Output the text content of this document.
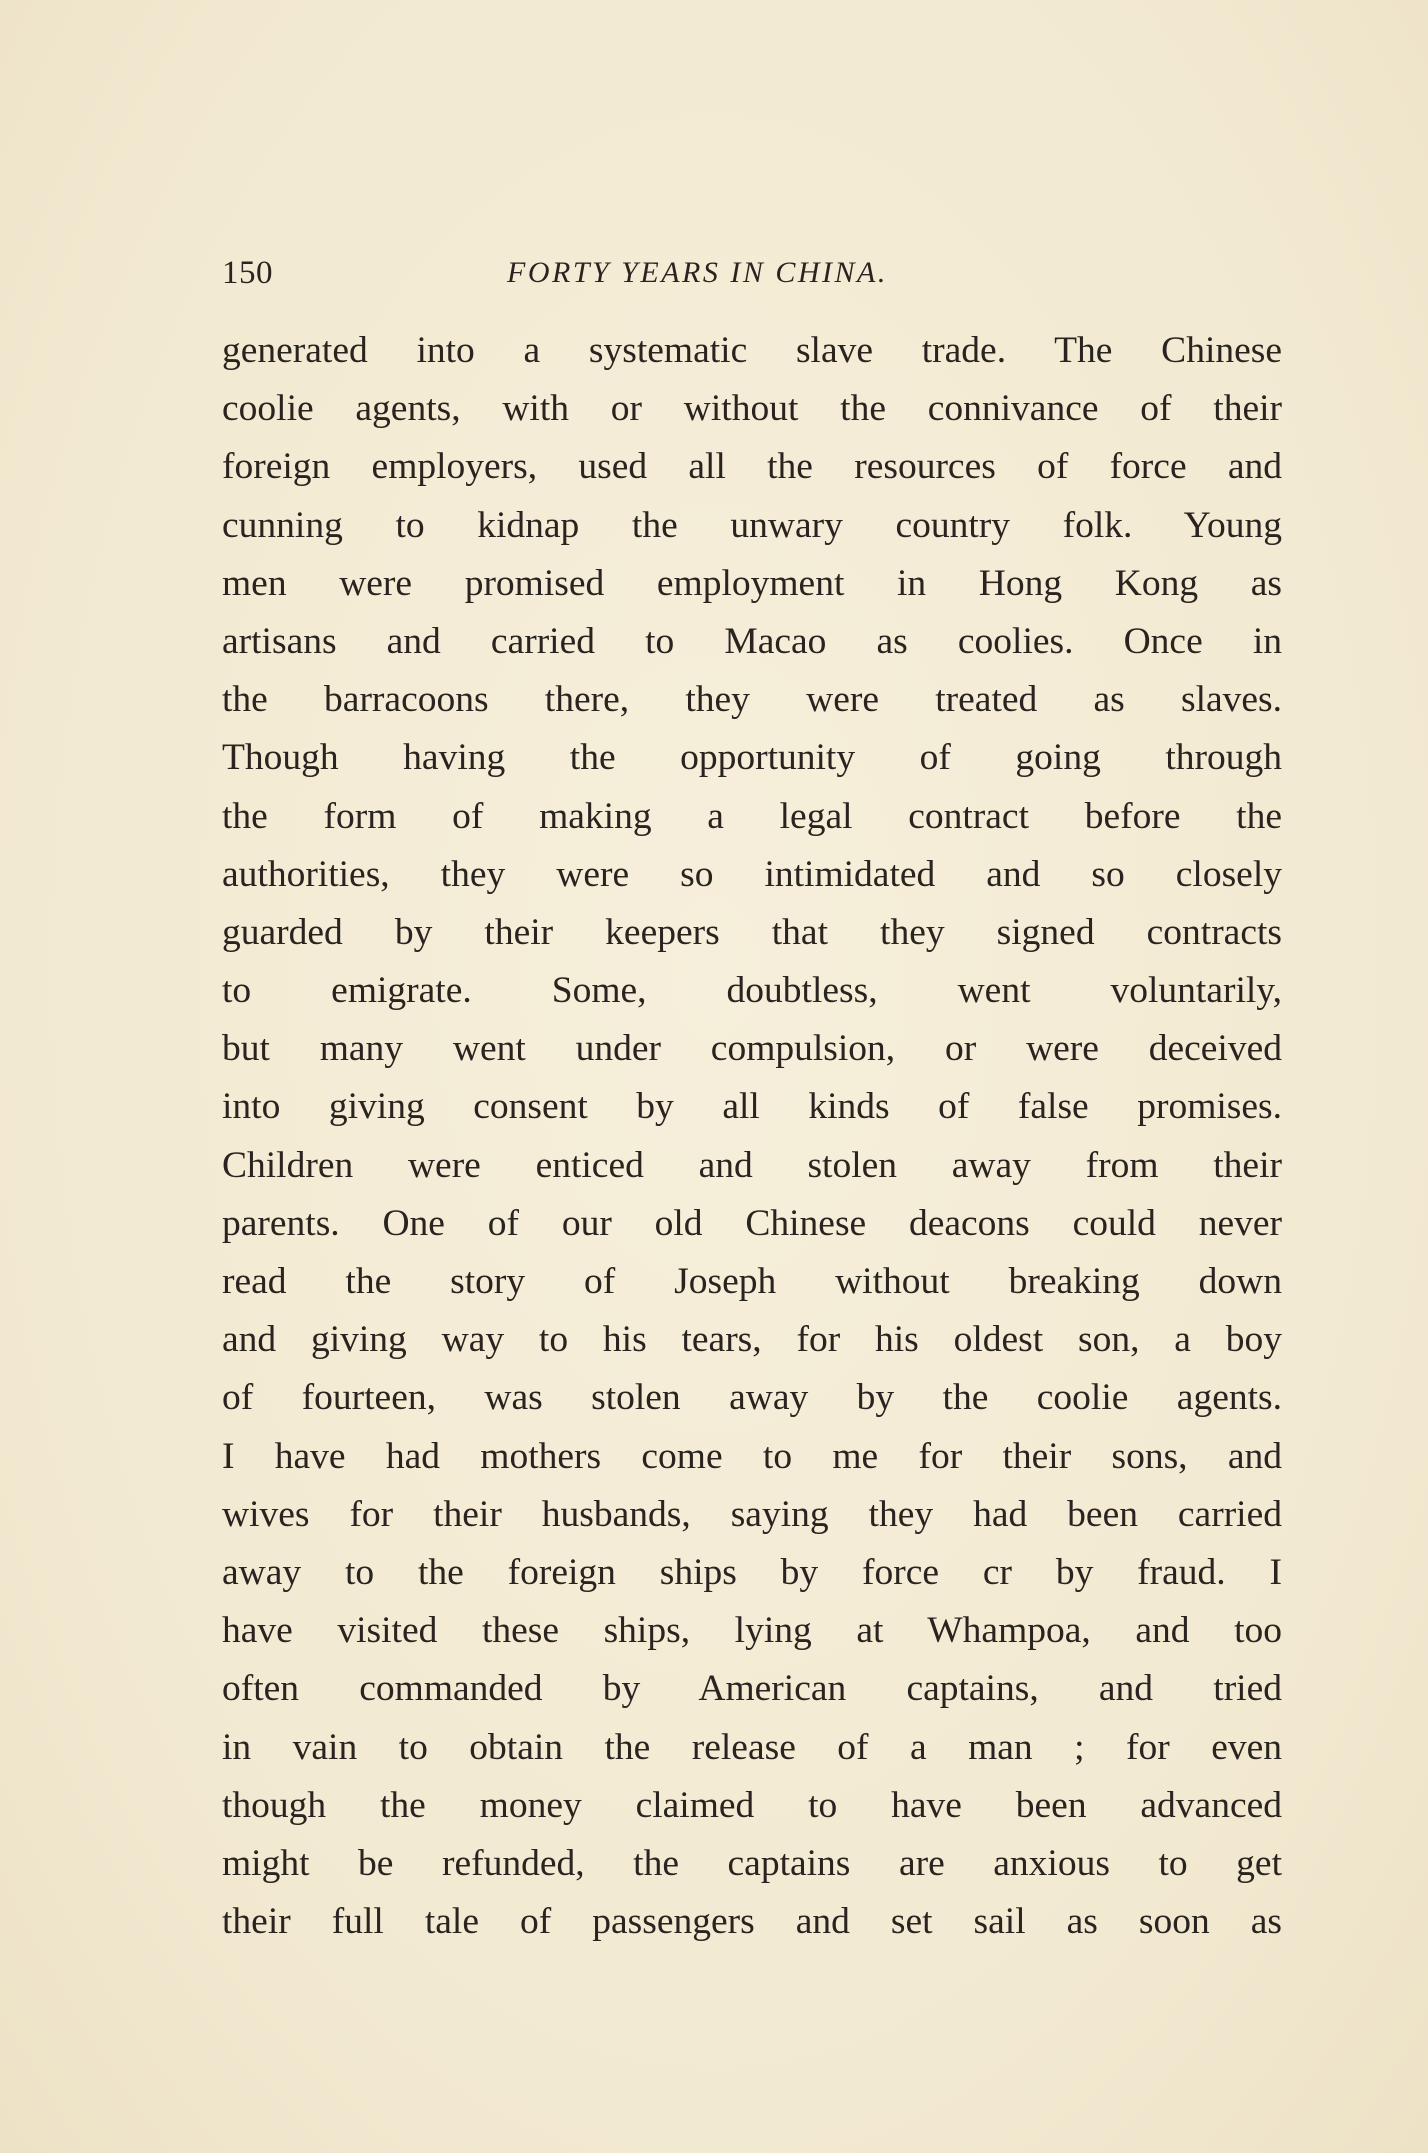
150	FORTY YEARS IN CHINA.
generated into a systematic slave trade. The Chinese
coolie agents, with or without the connivance of their
foreign employers, used all the resources of force and
cunning to kidnap the unwary country folk. Young
men were promised employment in Hong Kong as
artisans and carried to Macao as coolies. Once in
the barracoons there, they were treated as slaves.
Though having the opportunity of going through
the form of making a legal contract before the
authorities, they were so intimidated and so closely
guarded by their keepers that they signed contracts
to emigrate. Some, doubtless, went voluntarily,
but many went under compulsion, or were deceived
into giving consent by all kinds of false promises.
Children were enticed and stolen away from their
parents. One of our old Chinese deacons could never
read the story of Joseph without breaking down
and giving way to his tears, for his oldest son, a boy
of fourteen, was stolen away by the coolie agents.
I have had mothers come to me for their sons, and
wives for their husbands, saying they had been carried
away to the foreign ships by force cr by fraud. I
have visited these ships, lying at Whampoa, and too
often commanded by American captains, and tried
in vain to obtain the release of a man ; for even
though the money claimed to have been advanced
might be refunded, the captains are anxious to get
their full tale of passengers and set sail as soon as
